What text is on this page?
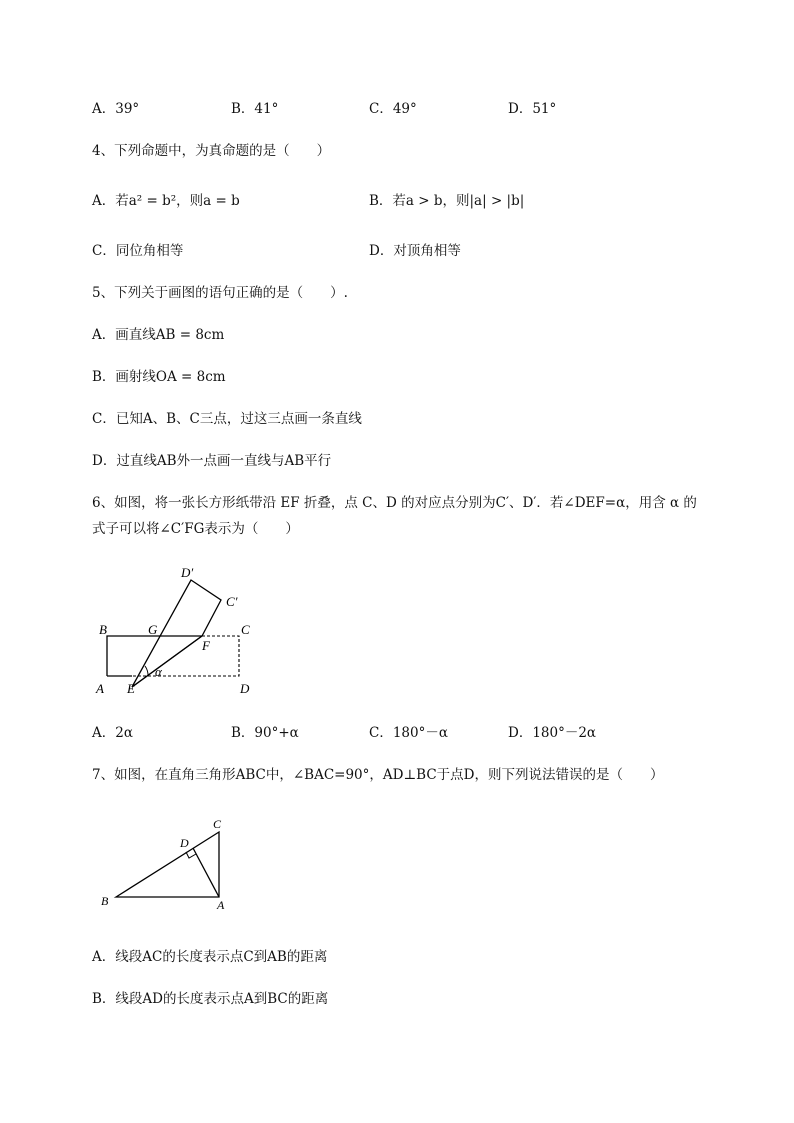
A．39°	B．41°	C．49°	D．51°
4、下列命题中，为真命题的是（　　）
A．若a² = b²，则a = b	B．若a > b，则|a| > |b|
C．同位角相等	D．对顶角相等
5、下列关于画图的语句正确的是（　　）.
A．画直线AB = 8cm
B．画射线OA = 8cm
C．已知A、B、C三点，过这三点画一条直线
D．过直线AB外一点画一直线与AB平行
6、如图，将一张长方形纸带沿 EF 折叠，点 C、D 的对应点分别为C′、D′．若∠DEF=α，用含 α 的
式子可以将∠C′FG表示为（　　）
D′
C′
B	G	C
F
α
A E	D
A．2α	B．90°+α	C．180°－α	D．180°－2α
7、如图，在直角三角形ABC中，∠BAC=90°，AD⊥BC于点D，则下列说法错误的是（　　）
C
D
B	A
A．线段AC的长度表示点C到AB的距离
B．线段AD的长度表示点A到BC的距离
